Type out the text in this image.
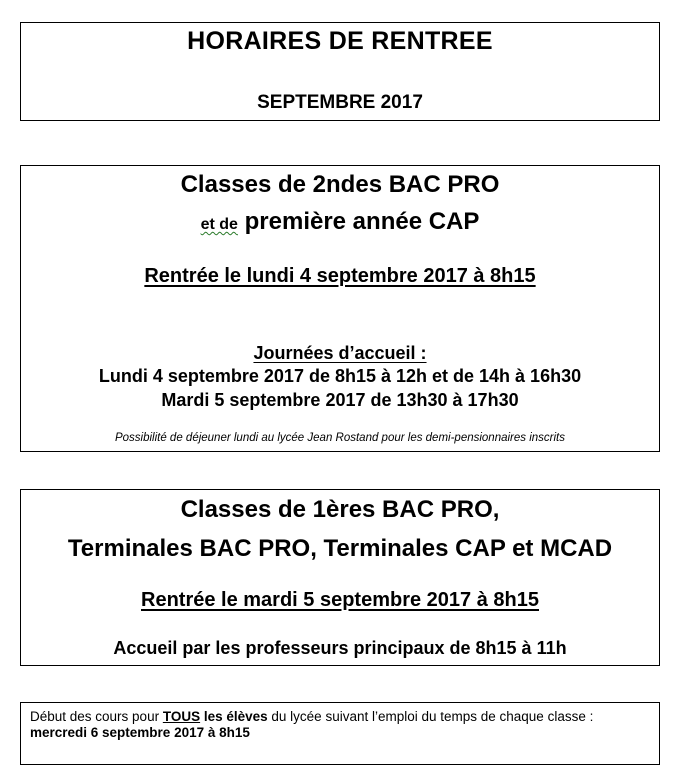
HORAIRES DE RENTREE
SEPTEMBRE 2017
Classes de 2ndes BAC PRO
et de première année CAP
Rentrée le lundi 4 septembre 2017 à 8h15
Journées d’accueil :
Lundi 4 septembre 2017 de 8h15 à 12h et de 14h à 16h30
Mardi 5 septembre 2017 de 13h30 à 17h30
Possibilité de déjeuner lundi au lycée Jean Rostand pour les demi-pensionnaires inscrits
Classes de 1ères BAC PRO,
Terminales BAC PRO, Terminales CAP et MCAD
Rentrée le mardi 5 septembre 2017 à 8h15
Accueil par les professeurs principaux de 8h15 à 11h
Début des cours pour TOUS les élèves du lycée suivant l’emploi du temps de chaque classe : mercredi 6 septembre 2017 à 8h15
